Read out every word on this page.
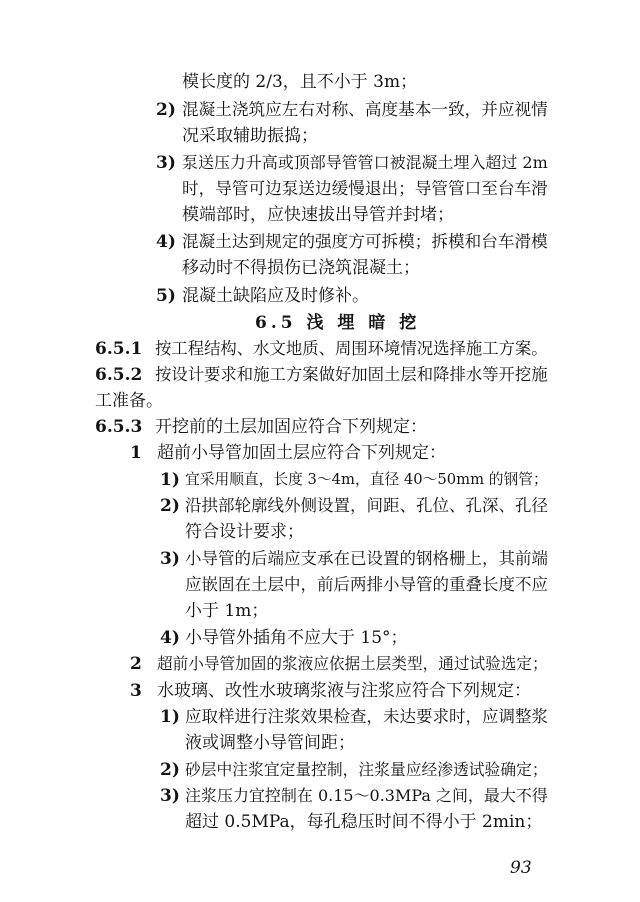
模长度的 2/3，且不小于 3m；
2) 混凝土浇筑应左右对称、高度基本一致，并应视情
况采取辅助振捣；
3) 泵送压力升高或顶部导管管口被混凝土埋入超过 2m
时，导管可边泵送边缓慢退出；导管管口至台车滑
模端部时，应快速拔出导管并封堵；
4) 混凝土达到规定的强度方可拆模；拆模和台车滑模
移动时不得损伤已浇筑混凝土；
5) 混凝土缺陷应及时修补。
6.5 浅 埋 暗 挖
6.5.1 按工程结构、水文地质、周围环境情况选择施工方案。
6.5.2 按设计要求和施工方案做好加固土层和降排水等开挖施
工准备。
6.5.3 开挖前的土层加固应符合下列规定：
1 超前小导管加固土层应符合下列规定：
1) 宜采用顺直，长度 3～4m，直径 40～50mm 的钢管；
2) 沿拱部轮廓线外侧设置，间距、孔位、孔深、孔径
符合设计要求；
3) 小导管的后端应支承在已设置的钢格栅上，其前端
应嵌固在土层中，前后两排小导管的重叠长度不应
小于 1m；
4) 小导管外插角不应大于 15°；
2 超前小导管加固的浆液应依据土层类型，通过试验选定；
3 水玻璃、改性水玻璃浆液与注浆应符合下列规定：
1) 应取样进行注浆效果检查，未达要求时，应调整浆
液或调整小导管间距；
2) 砂层中注浆宜定量控制，注浆量应经渗透试验确定；
3) 注浆压力宜控制在 0.15～0.3MPa 之间，最大不得
超过 0.5MPa，每孔稳压时间不得小于 2min；
93
